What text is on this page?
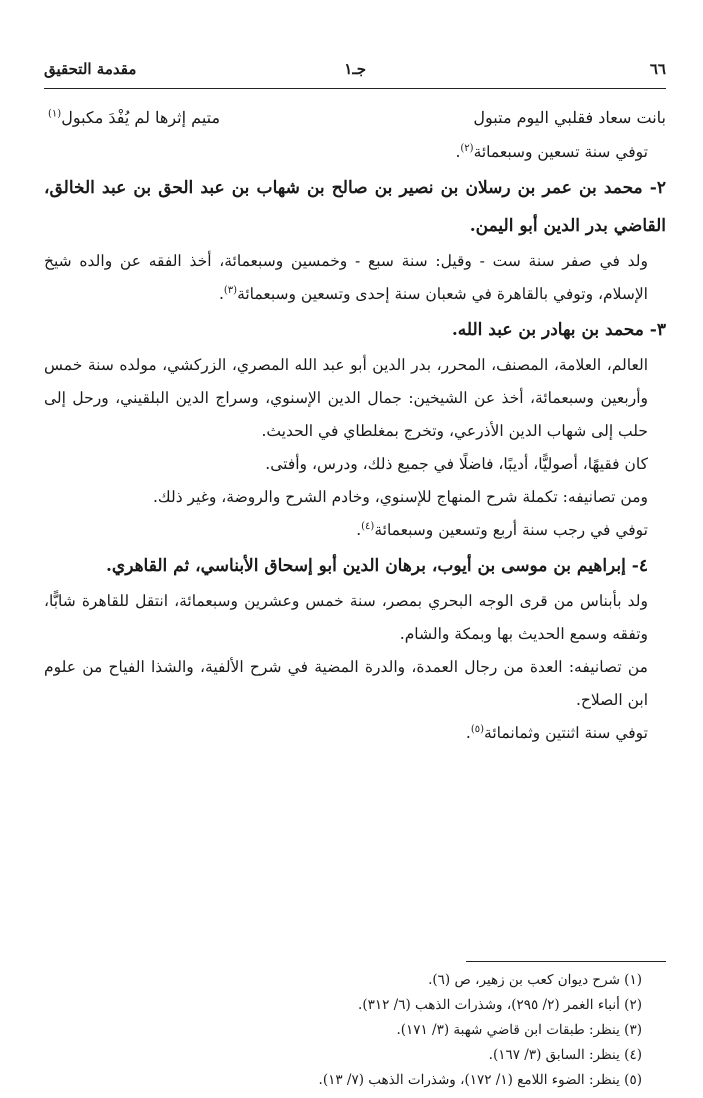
٦٦
جـ١
مقدمة التحقيق
بانت سعاد فقلبي اليوم متبول
متيم إثرها لم يُفْدَ مكبول$^{(١)}$

توفي سنة تسعين وسبعمائة$^{(٢)}$.

٢- محمد بن عمر بن رسلان بن نصير بن صالح بن شهاب بن عبد الحق بن عبد الخالق، القاضي بدر الدين أبو اليمن.

ولد في صفر سنة ست - وقيل: سنة سبع - وخمسين وسبعمائة، أخذ الفقه عن والده شيخ الإسلام، وتوفي بالقاهرة في شعبان سنة إحدى وتسعين وسبعمائة$^{(٣)}$.

٣- محمد بن بهادر بن عبد الله.

العالم، العلامة، المصنف، المحرر، بدر الدين أبو عبد الله المصري، الزركشي، مولده سنة خمس وأربعين وسبعمائة، أخذ عن الشيخين: جمال الدين الإسنوي، وسراج الدين البلقيني، ورحل إلى حلب إلى شهاب الدين الأذرعي، وتخرج بمغلطاي في الحديث.

كان فقيهًا، أصوليًّا، أديبًا، فاضلًا في جميع ذلك، ودرس، وأفتى.

ومن تصانيفه: تكملة شرح المنهاج للإسنوي، وخادم الشرح والروضة، وغير ذلك.

توفي في رجب سنة أربع وتسعين وسبعمائة$^{(٤)}$.

٤- إبراهيم بن موسى بن أيوب، برهان الدين أبو إسحاق الأبناسي، ثم القاهري.

ولد بأبناس من قرى الوجه البحري بمصر، سنة خمس وعشرين وسبعمائة، انتقل للقاهرة شابًّا، وتفقه وسمع الحديث بها وبمكة والشام.

من تصانيفه: العدة من رجال العمدة، والدرة المضية في شرح الألفية، والشذا الفياح من علوم ابن الصلاح.

توفي سنة اثنتين وثمانمائة$^{(٥)}$.

(١) شرح ديوان كعب بن زهير، ص (٦).
(٢) أنباء الغمر (٢/ ٢٩٥)، وشذرات الذهب (٦/ ٣١٢).
(٣) ينظر: طبقات ابن قاضي شهبة (٣/ ١٧١).
(٤) ينظر: السابق (٣/ ١٦٧).
(٥) ينظر: الضوء اللامع (١/ ١٧٢)، وشذرات الذهب (٧/ ١٣).
